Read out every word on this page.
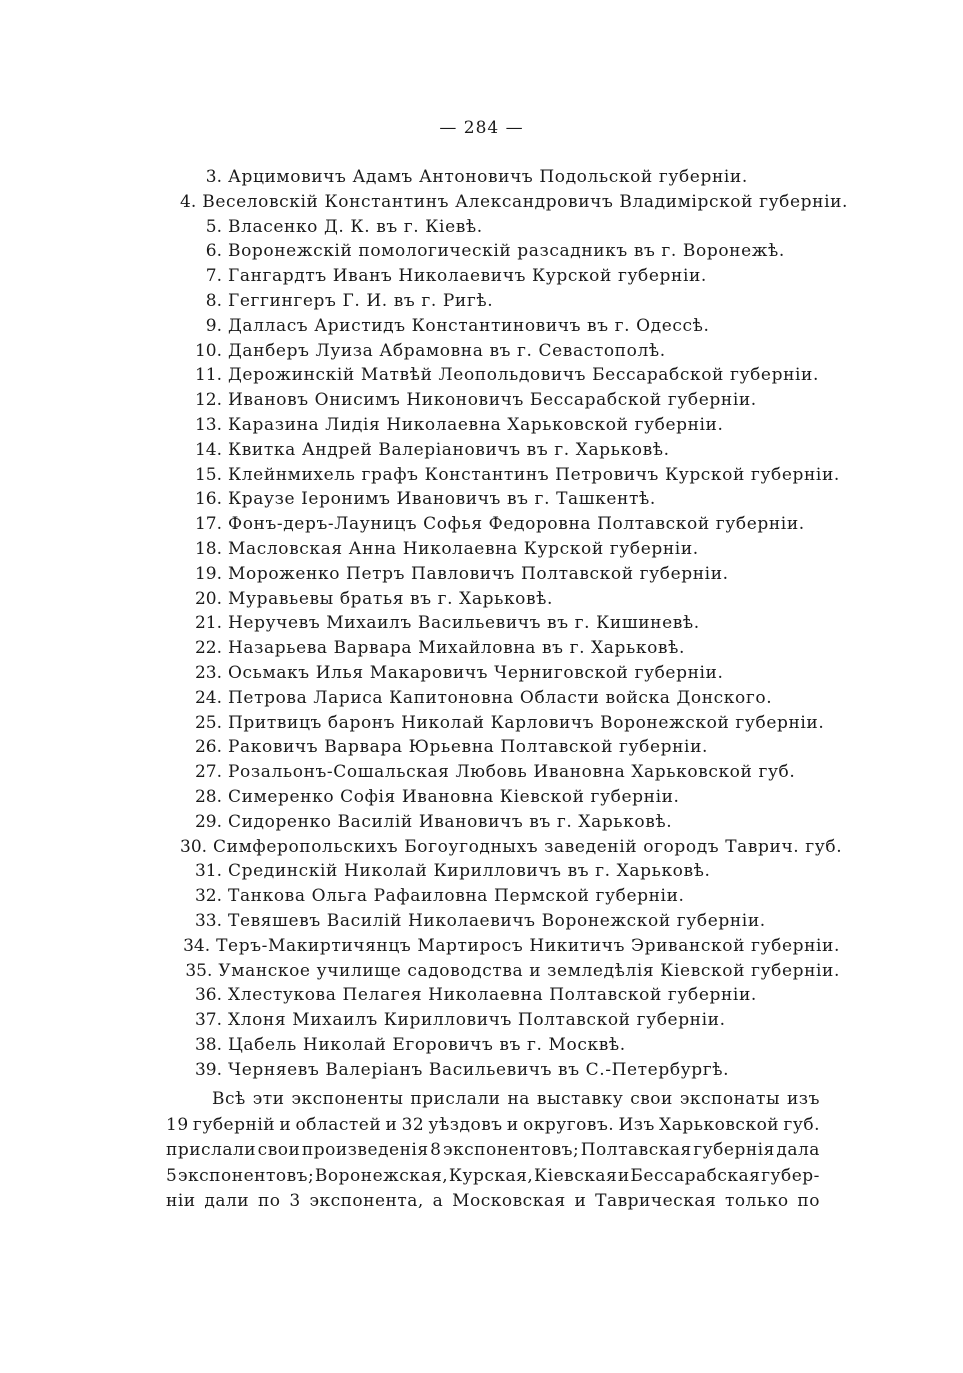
— 284 —
3. Арцимовичъ Адамъ Антоновичъ Подольской губерніи.
4. Веселовскій Константинъ Александровичъ Владимірской губерніи.
5. Власенко Д. К. въ г. Кіевѣ.
6. Воронежскій помологическій разсадникъ въ г. Воронежѣ.
7. Гангардтъ Иванъ Николаевичъ Курской губерніи.
8. Геггингеръ Г. И. въ г. Ригѣ.
9. Далласъ Аристидъ Константиновичъ въ г. Одессѣ.
10. Данберъ Луиза Абрамовна въ г. Севастополѣ.
11. Дерожинскій Матвѣй Леопольдовичъ Бессарабской губерніи.
12. Ивановъ Онисимъ Никоновичъ Бессарабской губерніи.
13. Каразина Лидія Николаевна Харьковской губерніи.
14. Квитка Андрей Валеріановичъ въ г. Харьковѣ.
15. Клейнмихель графъ Константинъ Петровичъ Курской губерніи.
16. Краузе Іеронимъ Ивановичъ въ г. Ташкентѣ.
17. Фонъ-деръ-Лауницъ Софья Федоровна Полтавской губерніи.
18. Масловская Анна Николаевна Курской губерніи.
19. Мороженко Петръ Павловичъ Полтавской губерніи.
20. Муравьевы братья въ г. Харьковѣ.
21. Неручевъ Михаилъ Васильевичъ въ г. Кишиневѣ.
22. Назарьева Варвара Михайловна въ г. Харьковѣ.
23. Осьмакъ Илья Макаровичъ Черниговской губерніи.
24. Петрова Лариса Капитоновна Области войска Донского.
25. Притвицъ баронъ Николай Карловичъ Воронежской губерніи.
26. Раковичъ Варвара Юрьевна Полтавской губерніи.
27. Розальонъ-Сошальская Любовь Ивановна Харьковской губ.
28. Симеренко Софія Ивановна Кіевской губерніи.
29. Сидоренко Василій Ивановичъ въ г. Харьковѣ.
30. Симферопольскихъ Богоугодныхъ заведеній огородъ Таврич. губ.
31. Срединскій Николай Кирилловичъ въ г. Харьковѣ.
32. Танкова Ольга Рафаиловна Пермской губерніи.
33. Тевяшевъ Василій Николаевичъ Воронежской губерніи.
34. Теръ-Макиртичянцъ Мартиросъ Никитичъ Эриванской губерніи.
35. Уманское училище садоводства и земледѣлія Кіевской губерніи.
36. Хлестукова Пелагея Николаевна Полтавской губерніи.
37. Хлоня Михаилъ Кирилловичъ Полтавской губерніи.
38. Цабель Николай Егоровичъ въ г. Москвѣ.
39. Черняевъ Валеріанъ Васильевичъ въ С.-Петербургѣ.
Всѣ эти экспоненты прислали на выставку свои экспонаты изъ
19 губерній и областей и 32 уѣздовъ и округовъ. Изъ Харьковской губ.
прислали свои произведенія 8 экспонентовъ; Полтавская губернія дала
5 экспонентовъ; Воронежская, Курская, Кіевская и Бессарабская губер-
ніи дали по 3 экспонента, а Московская и Таврическая только по
